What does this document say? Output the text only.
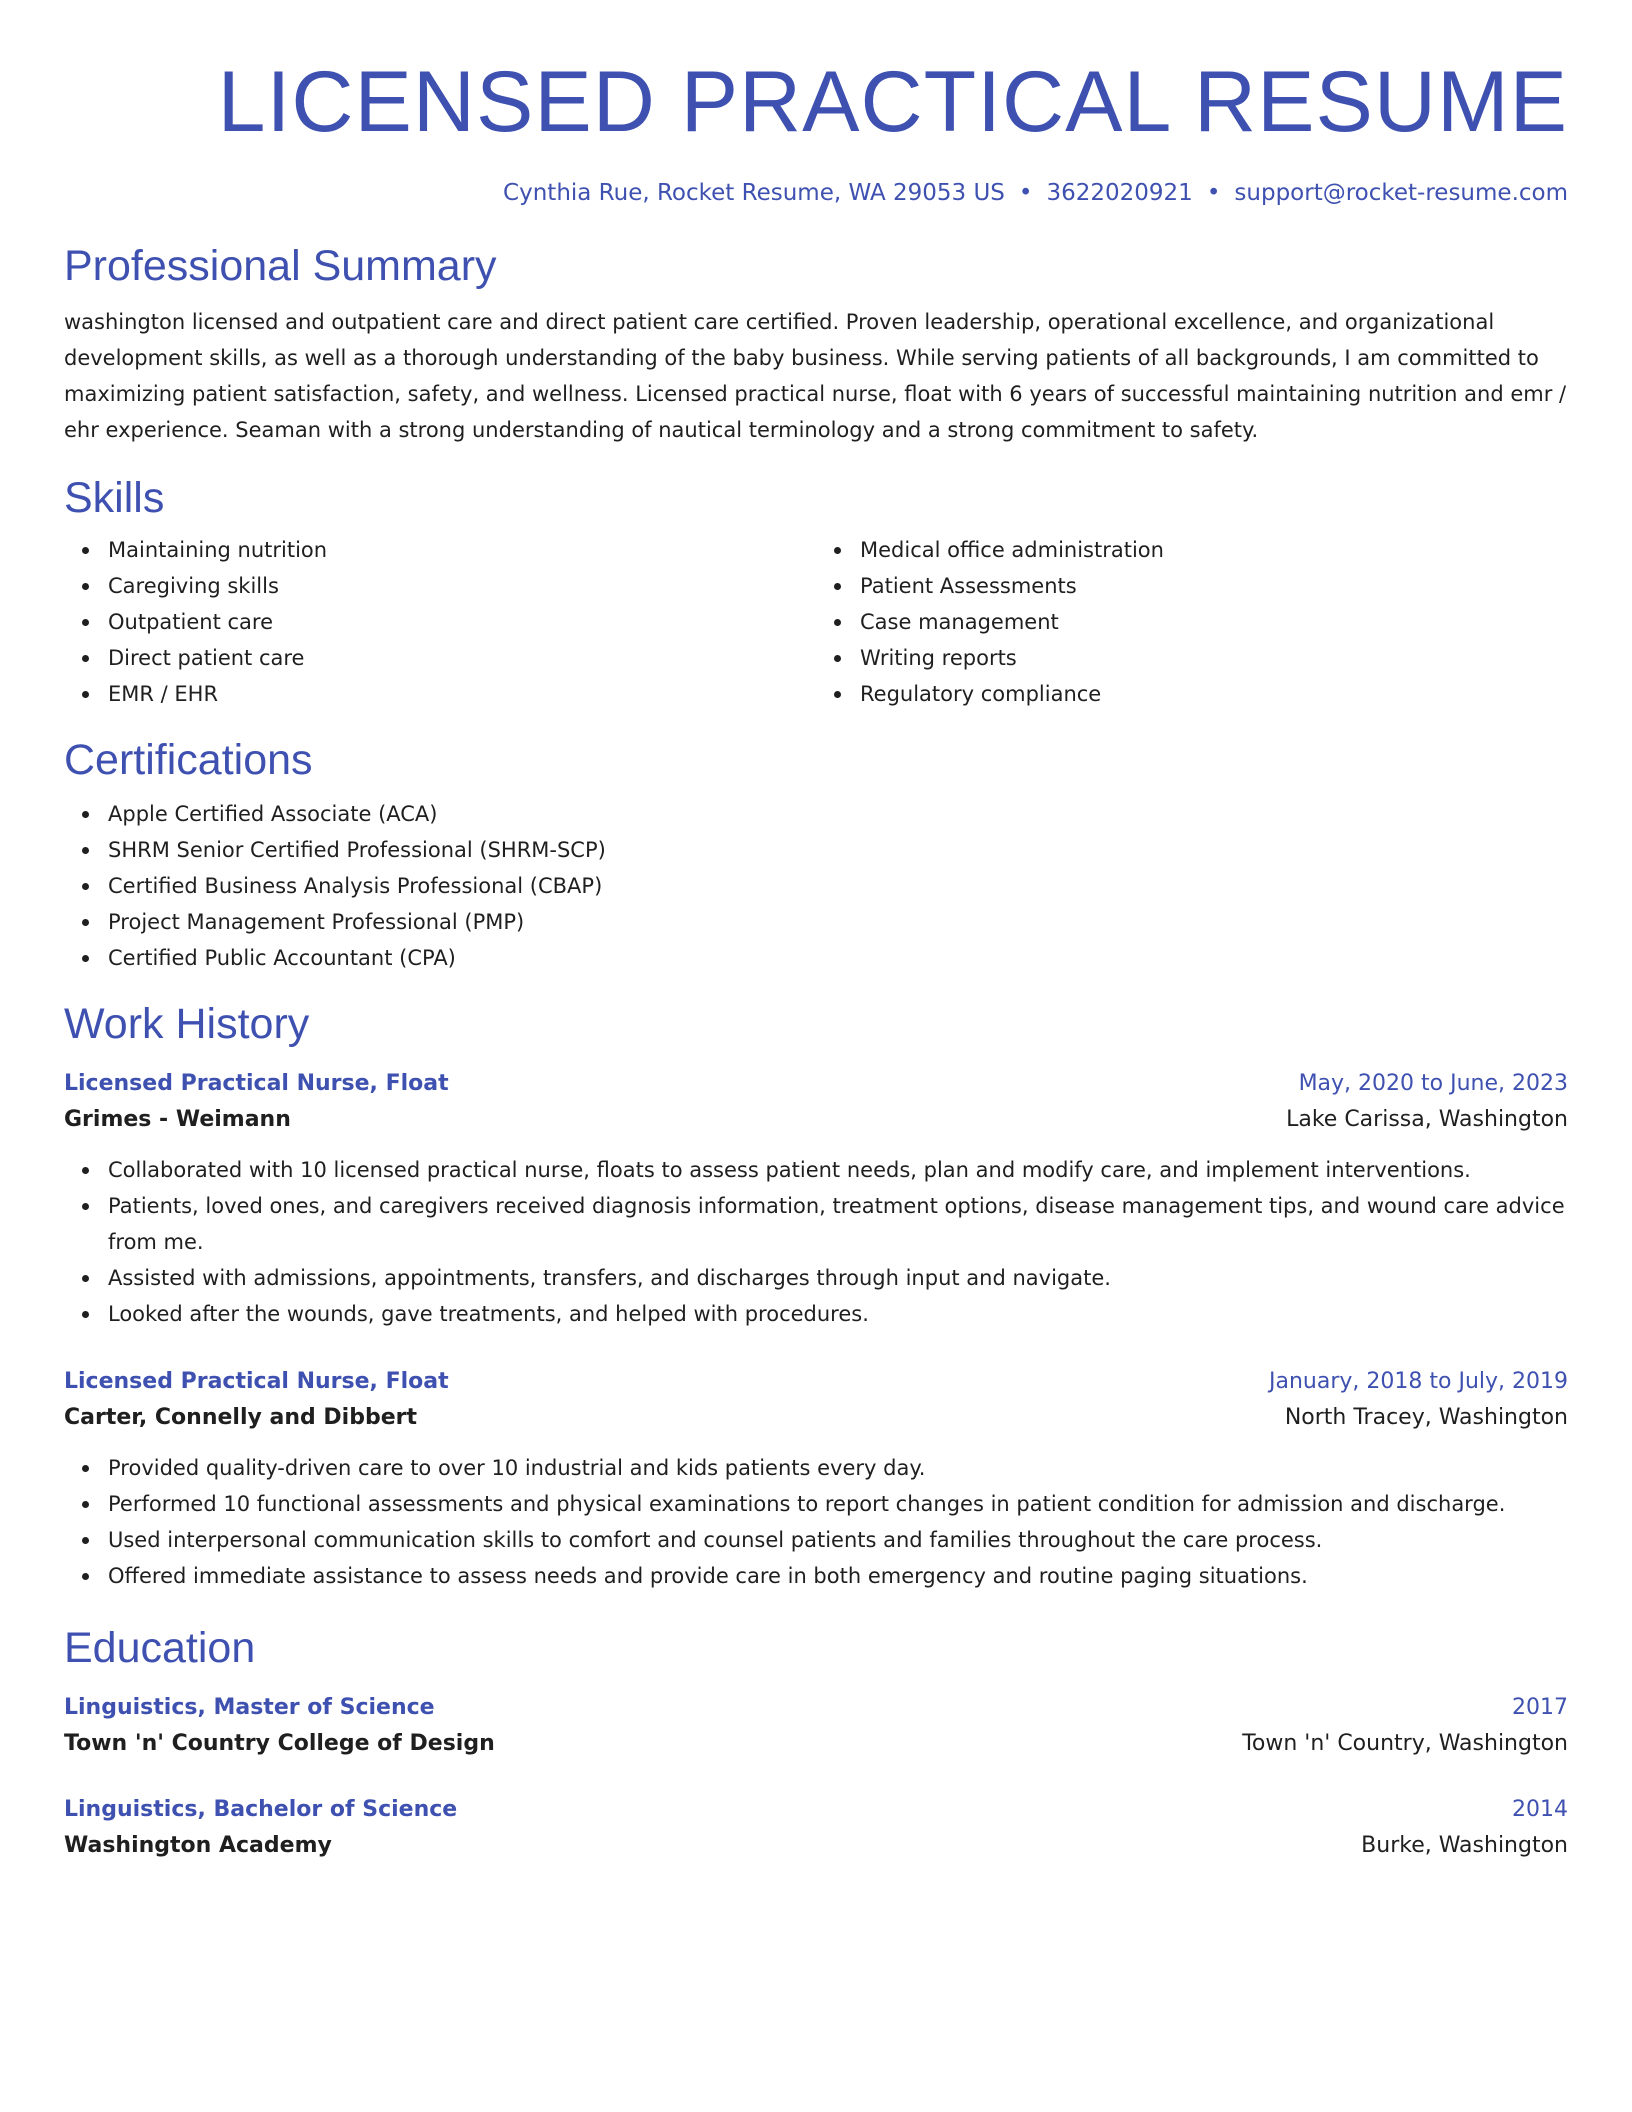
LICENSED PRACTICAL RESUME
Cynthia Rue, Rocket Resume, WA 29053 US • 3622020921 • support@rocket-resume.com
Professional Summary
washington licensed and outpatient care and direct patient care certified. Proven leadership, operational excellence, and organizational development skills, as well as a thorough understanding of the baby business. While serving patients of all backgrounds, I am committed to maximizing patient satisfaction, safety, and wellness. Licensed practical nurse, float with 6 years of successful maintaining nutrition and emr / ehr experience. Seaman with a strong understanding of nautical terminology and a strong commitment to safety.
Skills
Maintaining nutrition
Caregiving skills
Outpatient care
Direct patient care
EMR / EHR
Medical office administration
Patient Assessments
Case management
Writing reports
Regulatory compliance
Certifications
Apple Certified Associate (ACA)
SHRM Senior Certified Professional (SHRM-SCP)
Certified Business Analysis Professional (CBAP)
Project Management Professional (PMP)
Certified Public Accountant (CPA)
Work History
Licensed Practical Nurse, Float	May, 2020 to June, 2023
Grimes - Weimann	Lake Carissa, Washington
Collaborated with 10 licensed practical nurse, floats to assess patient needs, plan and modify care, and implement interventions.
Patients, loved ones, and caregivers received diagnosis information, treatment options, disease management tips, and wound care advice from me.
Assisted with admissions, appointments, transfers, and discharges through input and navigate.
Looked after the wounds, gave treatments, and helped with procedures.
Licensed Practical Nurse, Float	January, 2018 to July, 2019
Carter, Connelly and Dibbert	North Tracey, Washington
Provided quality-driven care to over 10 industrial and kids patients every day.
Performed 10 functional assessments and physical examinations to report changes in patient condition for admission and discharge.
Used interpersonal communication skills to comfort and counsel patients and families throughout the care process.
Offered immediate assistance to assess needs and provide care in both emergency and routine paging situations.
Education
Linguistics, Master of Science	2017
Town 'n' Country College of Design	Town 'n' Country, Washington
Linguistics, Bachelor of Science	2014
Washington Academy	Burke, Washington
